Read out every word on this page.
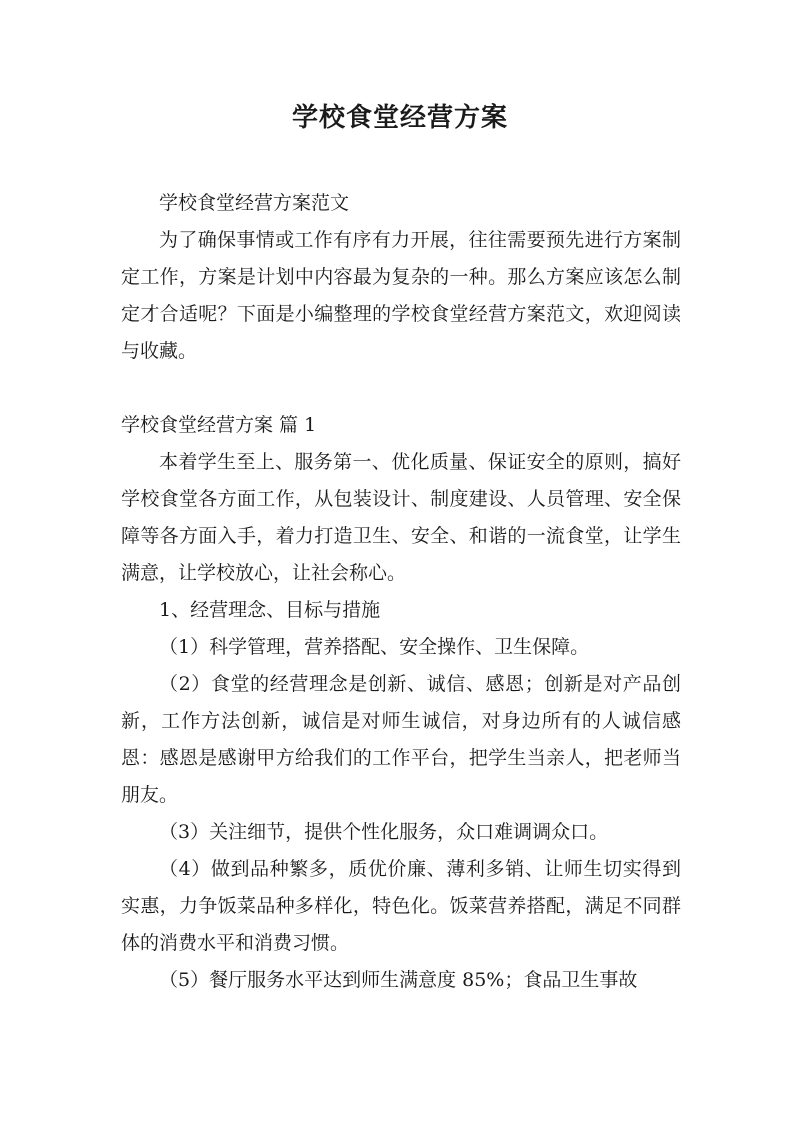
学校食堂经营方案

学校食堂经营方案范文

为了确保事情或工作有序有力开展，往往需要预先进行方案制定工作，方案是计划中内容最为复杂的一种。那么方案应该怎么制定才合适呢？下面是小编整理的学校食堂经营方案范文，欢迎阅读与收藏。

学校食堂经营方案 篇 1

本着学生至上、服务第一、优化质量、保证安全的原则，搞好学校食堂各方面工作，从包装设计、制度建设、人员管理、安全保障等各方面入手，着力打造卫生、安全、和谐的一流食堂，让学生满意，让学校放心，让社会称心。

1、经营理念、目标与措施

（1）科学管理，营养搭配、安全操作、卫生保障。

（2）食堂的经营理念是创新、诚信、感恩；创新是对产品创新，工作方法创新，诚信是对师生诚信，对身边所有的人诚信感恩：感恩是感谢甲方给我们的工作平台，把学生当亲人，把老师当朋友。

（3）关注细节，提供个性化服务，众口难调调众口。

（4）做到品种繁多，质优价廉、薄利多销、让师生切实得到实惠，力争饭菜品种多样化，特色化。饭菜营养搭配，满足不同群体的消费水平和消费习惯。

（5）餐厅服务水平达到师生满意度 85%；食品卫生事故
